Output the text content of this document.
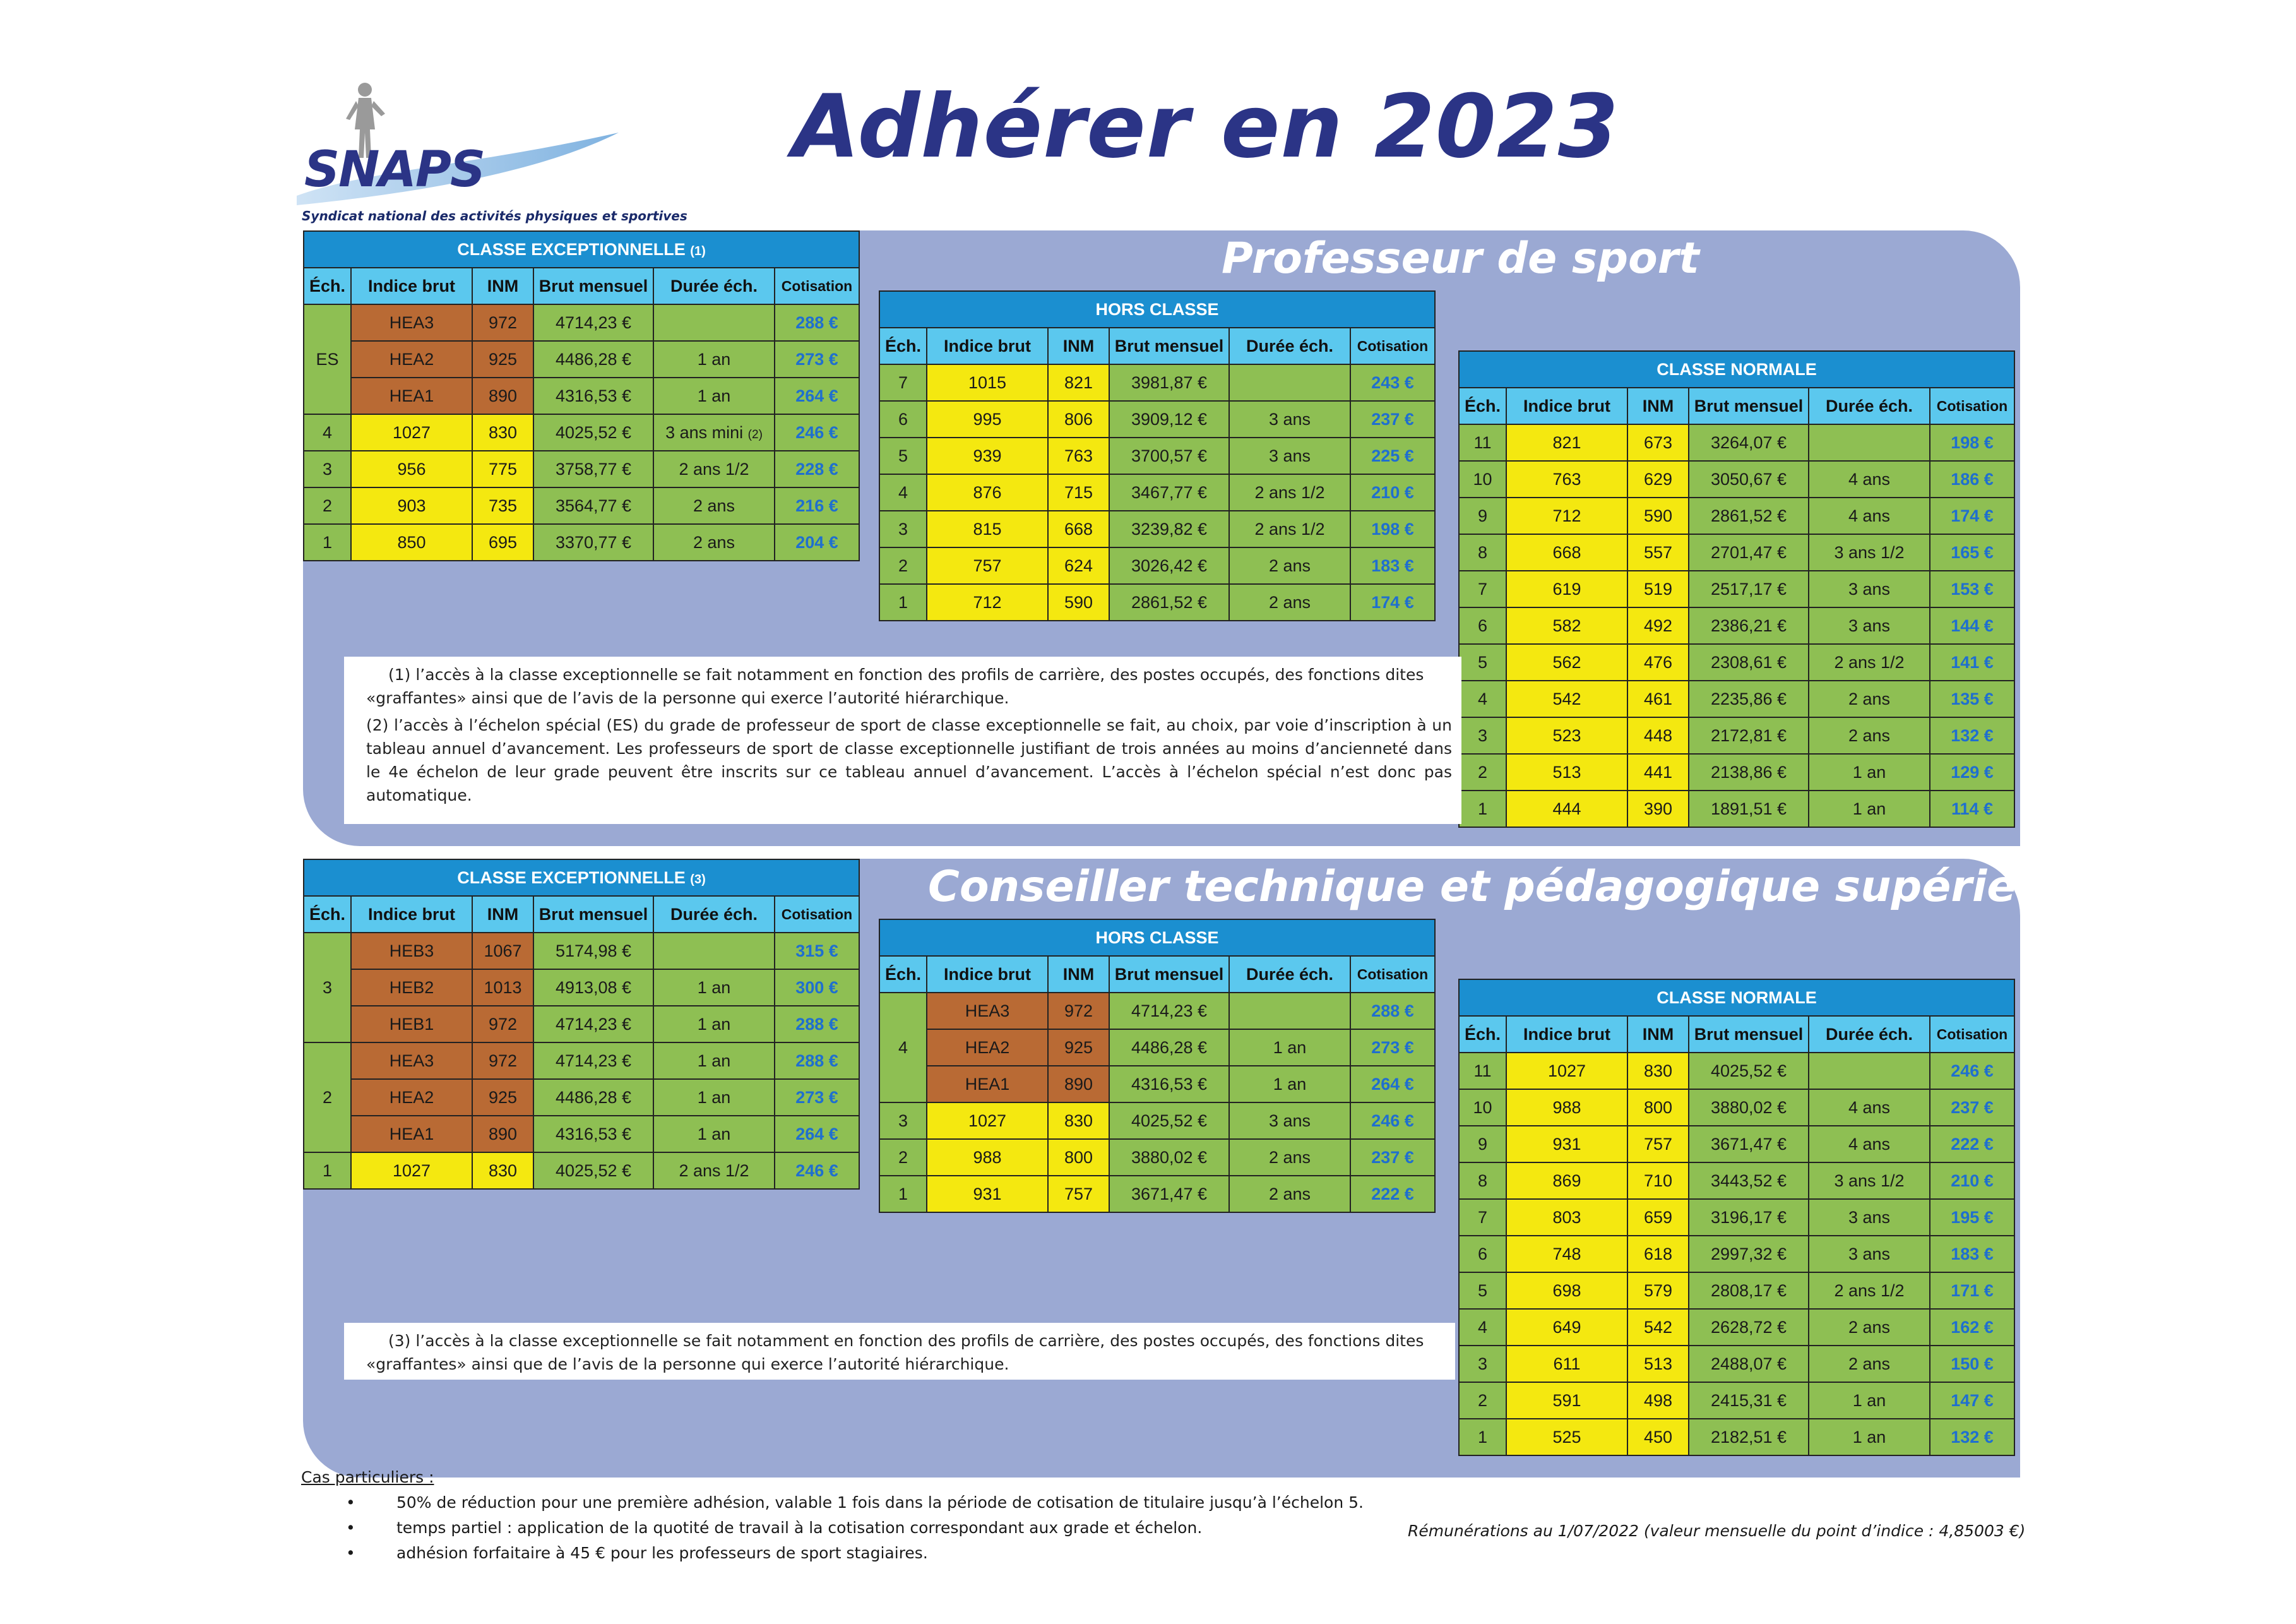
SNAPS
Syndicat national des activités physiques et sportives
Adhérer en 2023
Professeur de sport
Conseiller technique et pédagogique supérieur
CLASSE EXCEPTIONNELLE (1)					
Éch.	Indice brut	INM	Brut mensuel	Durée éch.	Cotisation
ES	HEA3	972	4714,23 €		288 €
	HEA2	925	4486,28 €	1 an	273 €
	HEA1	890	4316,53 €	1 an	264 €
4	1027	830	4025,52 €	3 ans mini (2)	246 €
3	956	775	3758,77 €	2 ans 1/2	228 €
2	903	735	3564,77 €	2 ans	216 €
1	850	695	3370,77 €	2 ans	204 €
HORS CLASSE					
Éch.	Indice brut	INM	Brut mensuel	Durée éch.	Cotisation
7	1015	821	3981,87 €		243 €
6	995	806	3909,12 €	3 ans	237 €
5	939	763	3700,57 €	3 ans	225 €
4	876	715	3467,77 €	2 ans 1/2	210 €
3	815	668	3239,82 €	2 ans 1/2	198 €
2	757	624	3026,42 €	2 ans	183 €
1	712	590	2861,52 €	2 ans	174 €
CLASSE NORMALE					
Éch.	Indice brut	INM	Brut mensuel	Durée éch.	Cotisation
11	821	673	3264,07 €		198 €
10	763	629	3050,67 €	4 ans	186 €
9	712	590	2861,52 €	4 ans	174 €
8	668	557	2701,47 €	3 ans 1/2	165 €
7	619	519	2517,17 €	3 ans	153 €
6	582	492	2386,21 €	3 ans	144 €
5	562	476	2308,61 €	2 ans 1/2	141 €
4	542	461	2235,86 €	2 ans	135 €
3	523	448	2172,81 €	2 ans	132 €
2	513	441	2138,86 €	1 an	129 €
1	444	390	1891,51 €	1 an	114 €

(1) l’accès à la classe exceptionnelle se fait notamment en fonction des profils de carrière, des postes occupés, des fonctions dites «graffantes» ainsi que de l’avis de la personne qui exerce l’autorité hiérarchique.

(2) l’accès à l’échelon spécial (ES) du grade de professeur de sport de classe exceptionnelle se fait, au choix, par voie d’inscription à un tableau annuel d’avancement. Les professeurs de sport de classe exceptionnelle justifiant de trois années au moins d’ancienneté dans le 4e échelon de leur grade peuvent être inscrits sur ce tableau annuel d’avancement. L’accès à l’échelon spécial n’est donc pas automatique.

CLASSE EXCEPTIONNELLE (3)					
Éch.	Indice brut	INM	Brut mensuel	Durée éch.	Cotisation
3	HEB3	1067	5174,98 €		315 €
	HEB2	1013	4913,08 €	1 an	300 €
	HEB1	972	4714,23 €	1 an	288 €
2	HEA3	972	4714,23 €	1 an	288 €
	HEA2	925	4486,28 €	1 an	273 €
	HEA1	890	4316,53 €	1 an	264 €
1	1027	830	4025,52 €	2 ans 1/2	246 €
HORS CLASSE					
Éch.	Indice brut	INM	Brut mensuel	Durée éch.	Cotisation
4	HEA3	972	4714,23 €		288 €
	HEA2	925	4486,28 €	1 an	273 €
	HEA1	890	4316,53 €	1 an	264 €
3	1027	830	4025,52 €	3 ans	246 €
2	988	800	3880,02 €	2 ans	237 €
1	931	757	3671,47 €	2 ans	222 €
CLASSE NORMALE					
Éch.	Indice brut	INM	Brut mensuel	Durée éch.	Cotisation
11	1027	830	4025,52 €		246 €
10	988	800	3880,02 €	4 ans	237 €
9	931	757	3671,47 €	4 ans	222 €
8	869	710	3443,52 €	3 ans 1/2	210 €
7	803	659	3196,17 €	3 ans	195 €
6	748	618	2997,32 €	3 ans	183 €
5	698	579	2808,17 €	2 ans 1/2	171 €
4	649	542	2628,72 €	2 ans	162 €
3	611	513	2488,07 €	2 ans	150 €
2	591	498	2415,31 €	1 an	147 €
1	525	450	2182,51 €	1 an	132 €

(3) l’accès à la classe exceptionnelle se fait notamment en fonction des profils de carrière, des postes occupés, des fonctions dites «graffantes» ainsi que de l’avis de la personne qui exerce l’autorité hiérarchique.

Cas particuliers :
• 50% de réduction pour une première adhésion, valable 1 fois dans la période de cotisation de titulaire jusqu’à l’échelon 5.
• temps partiel : application de la quotité de travail à la cotisation correspondant aux grade et échelon.
• adhésion forfaitaire à 45 € pour les professeurs de sport stagiaires.
Rémunérations au 1/07/2022 (valeur mensuelle du point d’indice : 4,85003 €)
